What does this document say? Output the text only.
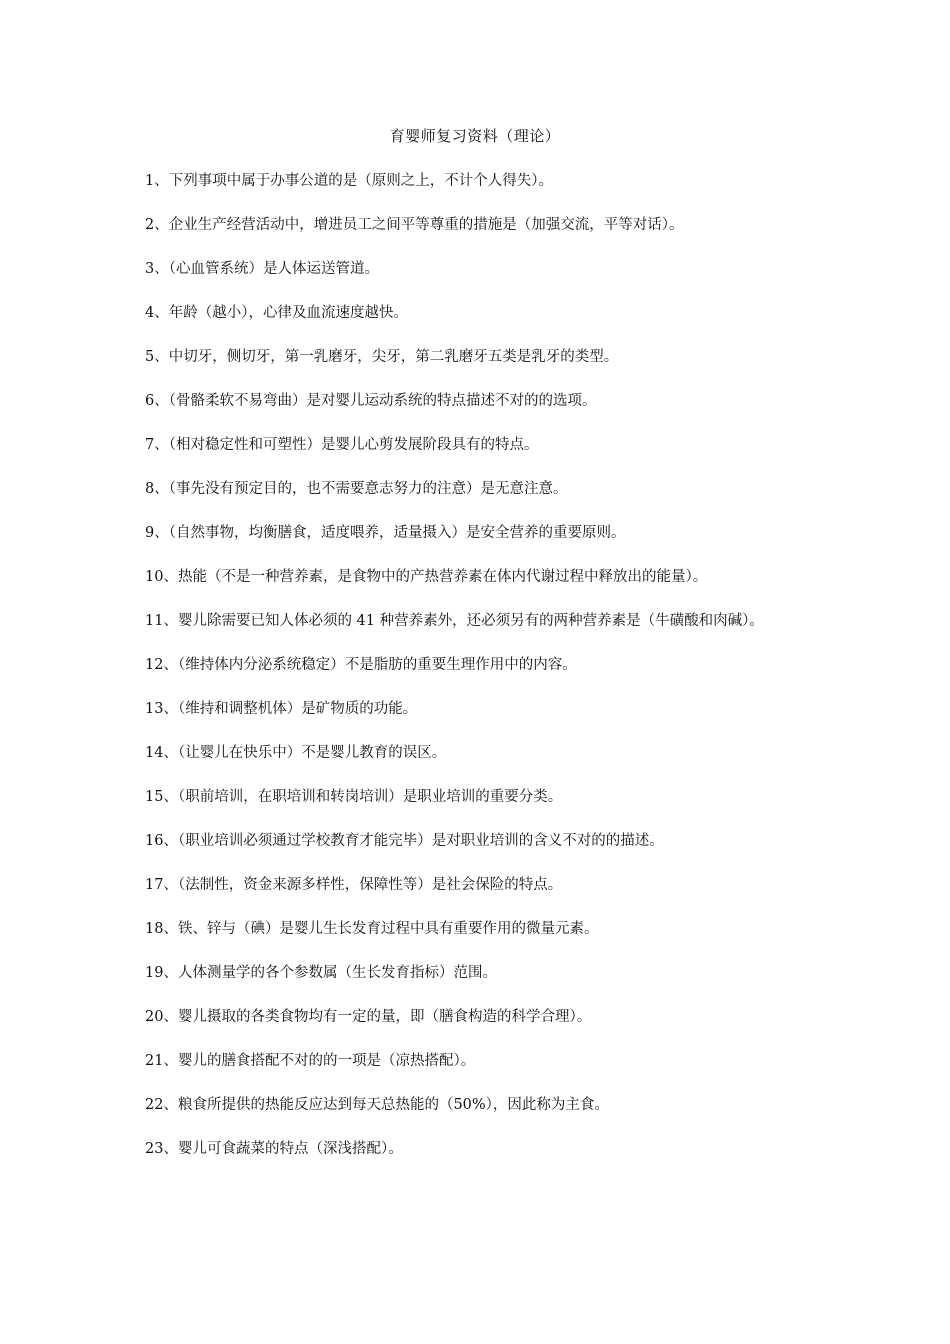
育婴师复习资料（理论）

1、下列事项中属于办事公道的是（原则之上，不计个人得失）。

2、企业生产经营活动中，增进员工之间平等尊重的措施是（加强交流，平等对话）。

3、（心血管系统）是人体运送管道。

4、年龄（越小），心律及血流速度越快。

5、中切牙，侧切牙，第一乳磨牙，尖牙，第二乳磨牙五类是乳牙的类型。

6、（骨骼柔软不易弯曲）是对婴儿运动系统的特点描述不对的的选项。

7、（相对稳定性和可塑性）是婴儿心剪发展阶段具有的特点。

8、（事先没有预定目的，也不需要意志努力的注意）是无意注意。

9、（自然事物，均衡膳食，适度喂养，适量摄入）是安全营养的重要原则。

10、热能（不是一种营养素，是食物中的产热营养素在体内代谢过程中释放出的能量）。

11、婴儿除需要已知人体必须的 41 种营养素外，还必须另有的两种营养素是（牛磺酸和肉碱）。

12、（维持体内分泌系统稳定）不是脂肪的重要生理作用中的内容。

13、（维持和调整机体）是矿物质的功能。

14、（让婴儿在快乐中）不是婴儿教育的误区。

15、（职前培训，在职培训和转岗培训）是职业培训的重要分类。

16、（职业培训必须通过学校教育才能完毕）是对职业培训的含义不对的的描述。

17、（法制性，资金来源多样性，保障性等）是社会保险的特点。

18、铁、锌与（碘）是婴儿生长发育过程中具有重要作用的微量元素。

19、人体测量学的各个参数属（生长发育指标）范围。

20、婴儿摄取的各类食物均有一定的量，即（膳食构造的科学合理）。

21、婴儿的膳食搭配不对的的一项是（凉热搭配）。

22、粮食所提供的热能反应达到每天总热能的（50%），因此称为主食。

23、婴儿可食蔬菜的特点（深浅搭配）。
